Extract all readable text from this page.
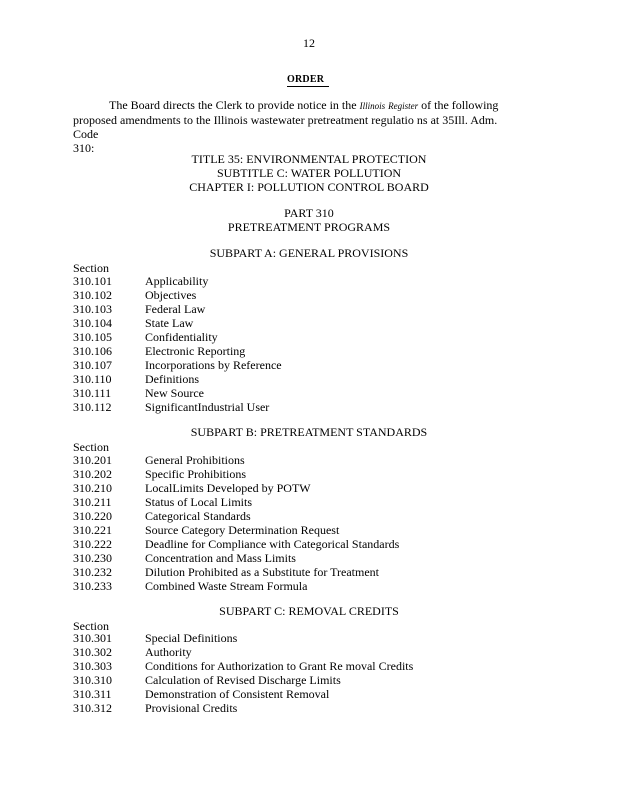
12
ORDER
The Board directs the Clerk to provide notice in the Illinois Register of the following
proposed amendments to the Illinois wastewater pretreatment regulatio ns at 35Ill. Adm. Code
310:
TITLE 35: ENVIRONMENTAL PROTECTION
SUBTITLE C: WATER POLLUTION
CHAPTER I: POLLUTION CONTROL BOARD
PART 310
PRETREATMENT PROGRAMS
SUBPART A: GENERAL PROVISIONS
Section
310.101	Applicability
310.102	Objectives
310.103	Federal Law
310.104	State Law
310.105	Confidentiality
310.106	Electronic Reporting
310.107	Incorporations by Reference
310.110	Definitions
310.111	New Source
310.112	SignificantIndustrial User
SUBPART B: PRETREATMENT STANDARDS
Section
310.201	General Prohibitions
310.202	Specific Prohibitions
310.210	LocalLimits Developed by POTW
310.211	Status of Local Limits
310.220	Categorical Standards
310.221	Source Category Determination Request
310.222	Deadline for Compliance with Categorical Standards
310.230	Concentration and Mass Limits
310.232	Dilution Prohibited as a Substitute for Treatment
310.233	Combined Waste Stream Formula
SUBPART C: REMOVAL CREDITS
Section
310.301	Special Definitions
310.302	Authority
310.303	Conditions for Authorization to Grant Re moval Credits
310.310	Calculation of Revised Discharge Limits
310.311	Demonstration of Consistent Removal
310.312	Provisional Credits
